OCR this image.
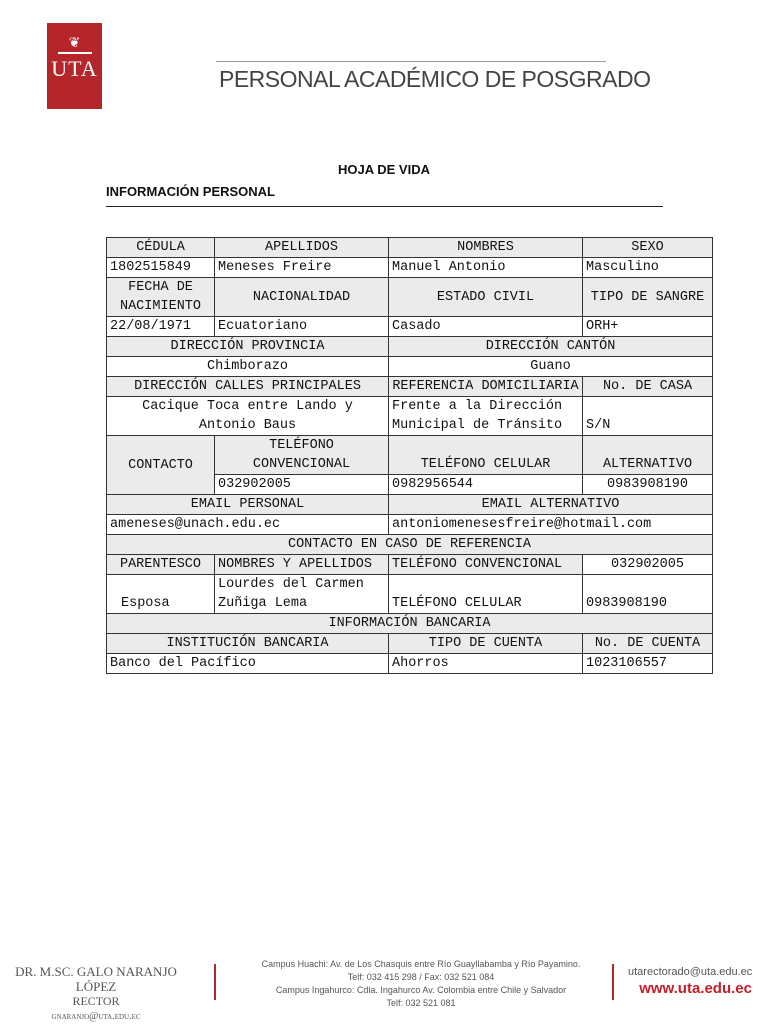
❦
UTA	PERSONAL ACADÉMICO DE POSGRADO
HOJA DE VIDA
INFORMACIÓN PERSONAL
CÉDULA	APELLIDOS	NOMBRES	SEXO
1802515849	Meneses Freire	Manuel Antonio	Masculino
FECHA DE NACIMIENTO	NACIONALIDAD	ESTADO CIVIL	TIPO DE SANGRE
22/08/1971	Ecuatoriano	Casado	ORH+
DIRECCIÓN PROVINCIA		DIRECCIÓN CANTÓN	
Chimborazo		Guano	
DIRECCIÓN CALLES PRINCIPALES		REFERENCIA DOMICILIARIA	No. DE CASA
Cacique Toca entre Lando y Antonio Baus		Frente a la Dirección Municipal de Tránsito	S/N
CONTACTO	TELÉFONO CONVENCIONAL	TELÉFONO CELULAR	ALTERNATIVO
	032902005	0982956544	0983908190
EMAIL PERSONAL		EMAIL ALTERNATIVO	
ameneses@unach.edu.ec		antoniomenesesfreire@hotmail.com	
CONTACTO EN CASO DE REFERENCIA			
PARENTESCO	NOMBRES Y APELLIDOS	TELÉFONO CONVENCIONAL	032902005
Esposa	Lourdes del Carmen Zuñiga Lema	TELÉFONO CELULAR	0983908190
INFORMACIÓN BANCARIA			
INSTITUCIÓN BANCARIA		TIPO DE CUENTA	No. DE CUENTA
Banco del Pacífico		Ahorros	1023106557
DR. M.SC. GALO NARANJO LÓPEZ
RECTOR
gnaranjo@uta.edu.ec
Campus Huachi: Av. de Los Chasquis entre Río Guayllabamba y Río Payamino.
Telf: 032 415 298 / Fax: 032 521 084
Campus Ingahurco: Cdla. Ingahurco Av. Colombia entre Chile y Salvador
Telf: 032 521 081
utarectorado@uta.edu.ec
www.uta.edu.ec
